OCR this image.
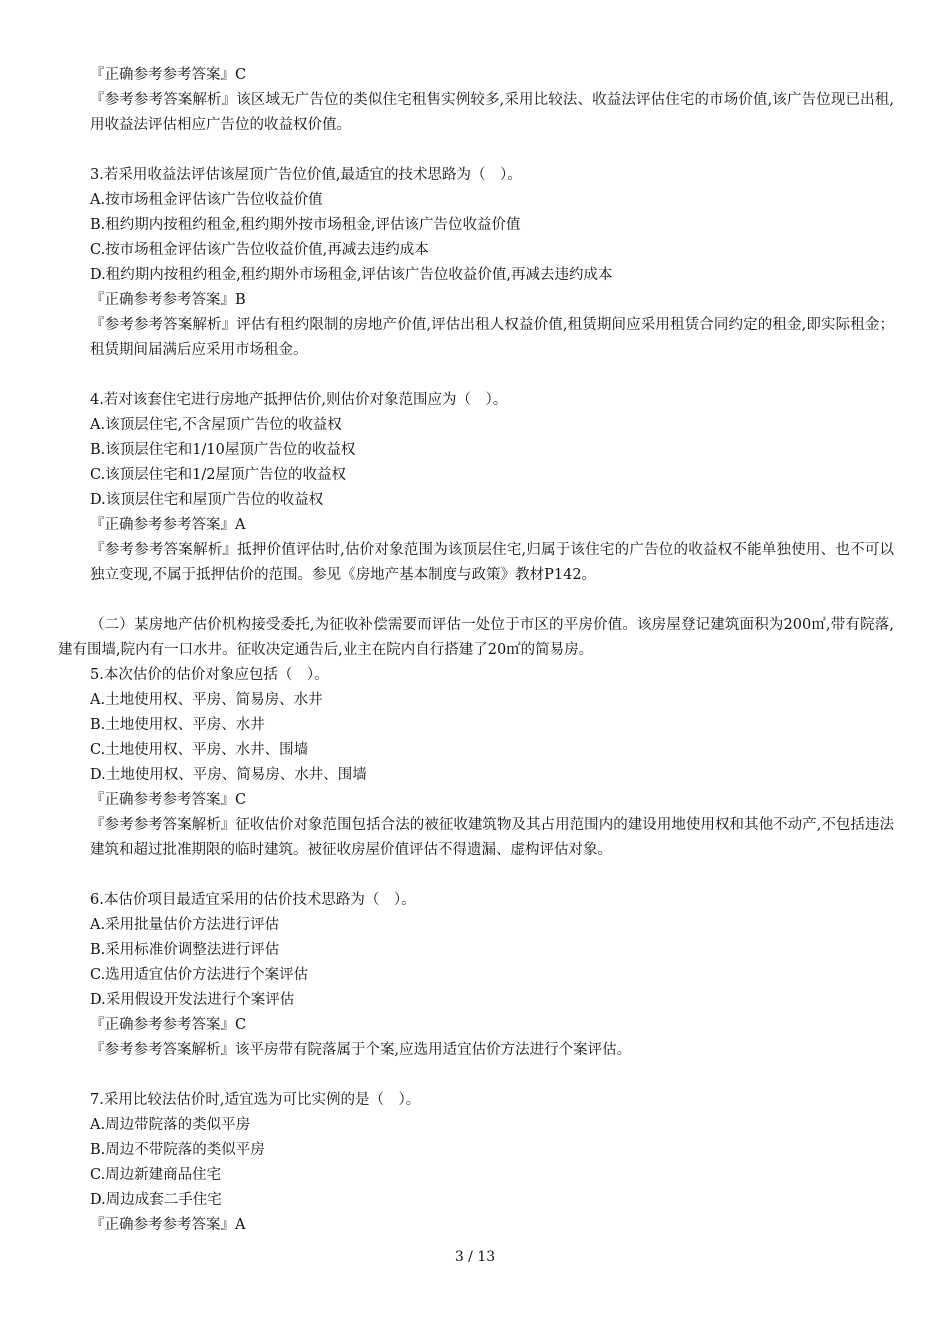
『正确参考参考答案』C
『参考参考答案解析』该区域无广告位的类似住宅租售实例较多,采用比较法、收益法评估住宅的市场价值,该广告位现已出租,用收益法评估相应广告位的收益权价值。
3.若采用收益法评估该屋顶广告位价值,最适宜的技术思路为（　）。
A.按市场租金评估该广告位收益价值
B.租约期内按租约租金,租约期外按市场租金,评估该广告位收益价值
C.按市场租金评估该广告位收益价值,再减去违约成本
D.租约期内按租约租金,租约期外市场租金,评估该广告位收益价值,再减去违约成本
『正确参考参考答案』B
『参考参考答案解析』评估有租约限制的房地产价值,评估出租人权益价值,租赁期间应采用租赁合同约定的租金,即实际租金；租赁期间届满后应采用市场租金。
4.若对该套住宅进行房地产抵押估价,则估价对象范围应为（　）。
A.该顶层住宅,不含屋顶广告位的收益权
B.该顶层住宅和1/10屋顶广告位的收益权
C.该顶层住宅和1/2屋顶广告位的收益权
D.该顶层住宅和屋顶广告位的收益权
『正确参考参考答案』A
『参考参考答案解析』抵押价值评估时,估价对象范围为该顶层住宅,归属于该住宅的广告位的收益权不能单独使用、也不可以独立变现,不属于抵押估价的范围。参见《房地产基本制度与政策》教材P142。
（二）某房地产估价机构接受委托,为征收补偿需要而评估一处位于市区的平房价值。该房屋登记建筑面积为200㎡,带有院落,建有围墙,院内有一口水井。征收决定通告后,业主在院内自行搭建了20㎡的简易房。
5.本次估价的估价对象应包括（　）。
A.土地使用权、平房、简易房、水井
B.土地使用权、平房、水井
C.土地使用权、平房、水井、围墙
D.土地使用权、平房、简易房、水井、围墙
『正确参考参考答案』C
『参考参考答案解析』征收估价对象范围包括合法的被征收建筑物及其占用范围内的建设用地使用权和其他不动产,不包括违法建筑和超过批准期限的临时建筑。被征收房屋价值评估不得遗漏、虚构评估对象。
6.本估价项目最适宜采用的估价技术思路为（　）。
A.采用批量估价方法进行评估
B.采用标准价调整法进行评估
C.选用适宜估价方法进行个案评估
D.采用假设开发法进行个案评估
『正确参考参考答案』C
『参考参考答案解析』该平房带有院落属于个案,应选用适宜估价方法进行个案评估。
7.采用比较法估价时,适宜选为可比实例的是（　）。
A.周边带院落的类似平房
B.周边不带院落的类似平房
C.周边新建商品住宅
D.周边成套二手住宅
『正确参考参考答案』A
3 / 13
